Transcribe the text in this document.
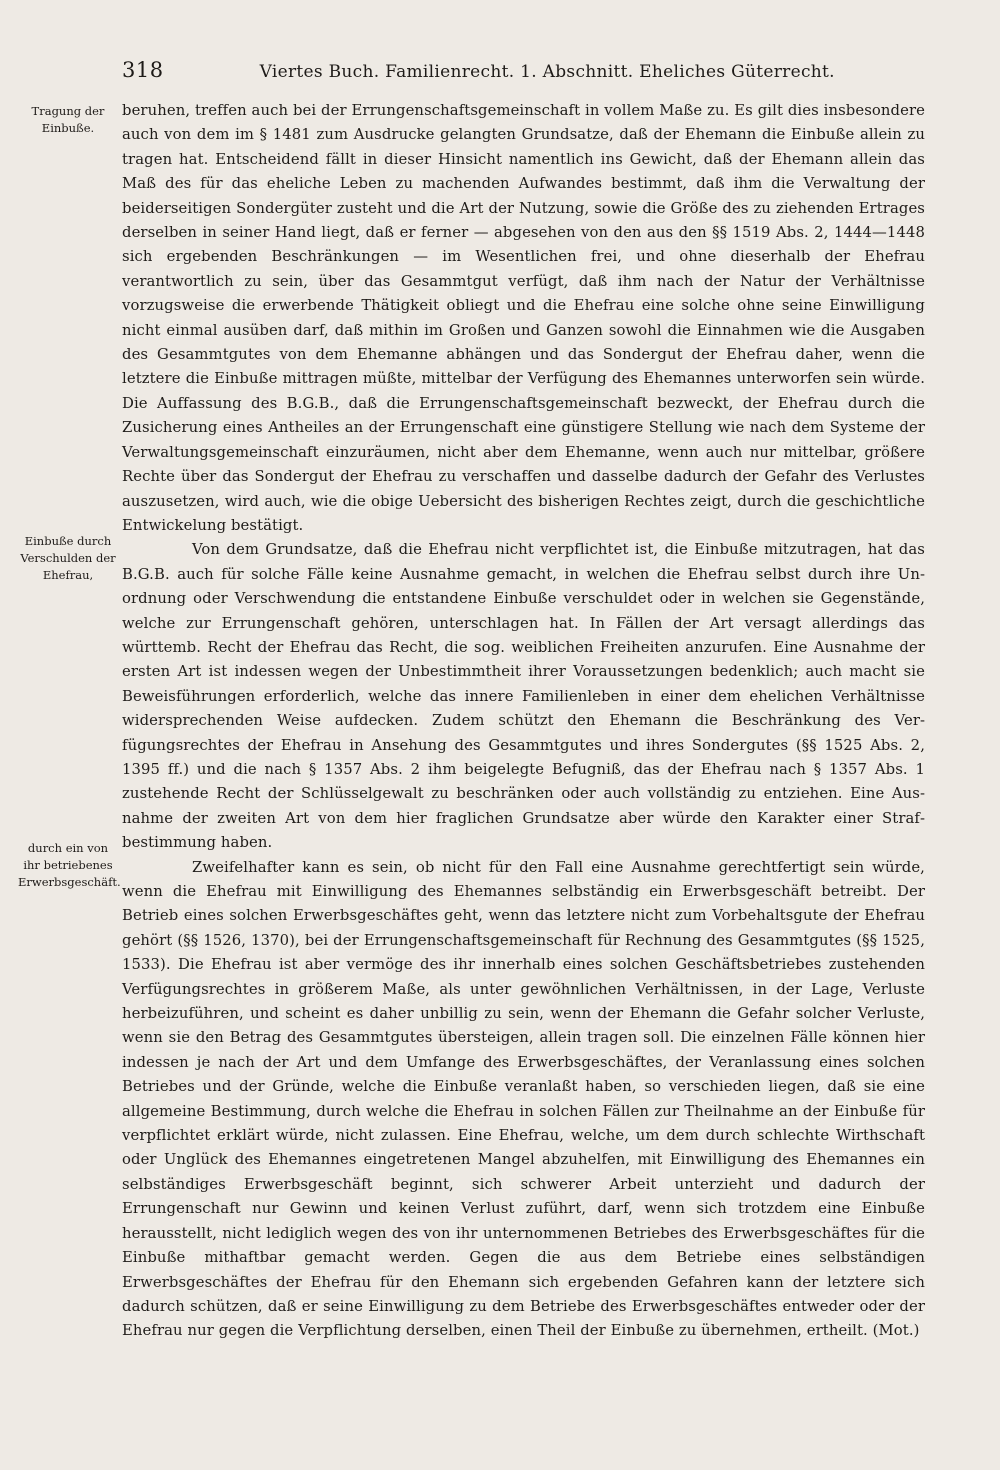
318	Viertes Buch. Familienrecht. 1. Abschnitt. Eheliches Güterrecht.
Tragung der Einbuße.
Einbuße durch Verschulden der Ehefrau,
durch ein von ihr betriebenes Erwerbsgeschäft.

beruhen, treffen auch bei der Errungenschaftsgemeinschaft in vollem Maße zu. Es gilt dies insbesondere auch von dem im § 1481 zum Ausdrucke gelangten Grundsatze, daß der Ehemann die Einbuße allein zu tragen hat. Entscheidend fällt in dieser Hinsicht namentlich ins Gewicht, daß der Ehemann allein das Maß des für das eheliche Leben zu machenden Aufwandes bestimmt, daß ihm die Verwaltung der beiderseitigen Sondergüter zusteht und die Art der Nutzung, sowie die Größe des zu ziehenden Ertrages derselben in seiner Hand liegt, daß er ferner — abgesehen von den aus den §§ 1519 Abs. 2, 1444—1448 sich ergebenden Beschränkungen — im Wesentlichen frei, und ohne dieserhalb der Ehefrau verantwortlich zu sein, über das Gesammtgut verfügt, daß ihm nach der Natur der Verhältnisse vorzugsweise die erwerbende Thätigkeit obliegt und die Ehefrau eine solche ohne seine Einwilligung nicht einmal ausüben darf, daß mithin im Großen und Ganzen sowohl die Einnahmen wie die Ausgaben des Gesammtgutes von dem Ehemanne abhängen und das Sondergut der Ehefrau daher, wenn die letztere die Einbuße mittragen müßte, mittelbar der Verfügung des Ehemannes unterworfen sein würde. Die Auffassung des B.G.B., daß die Errungenschaftsgemeinschaft bezweckt, der Ehefrau durch die Zusicherung eines Antheiles an der Errungenschaft eine günstigere Stellung wie nach dem Systeme der Verwaltungsgemeinschaft einzuräumen, nicht aber dem Ehemanne, wenn auch nur mittelbar, größere Rechte über das Sondergut der Ehefrau zu verschaffen und dasselbe dadurch der Gefahr des Verlustes auszusetzen, wird auch, wie die obige Uebersicht des bisherigen Rechtes zeigt, durch die geschichtliche Entwickelung bestätigt.

Von dem Grundsatze, daß die Ehefrau nicht verpflichtet ist, die Einbuße mitzutragen, hat das B.G.B. auch für solche Fälle keine Ausnahme gemacht, in welchen die Ehefrau selbst durch ihre Unordnung oder Verschwendung die entstandene Einbuße verschuldet oder in welchen sie Gegenstände, welche zur Errungenschaft gehören, unterschlagen hat. In Fällen der Art versagt allerdings das württemb. Recht der Ehefrau das Recht, die sog. weiblichen Freiheiten anzurufen. Eine Ausnahme der ersten Art ist indessen wegen der Unbestimmtheit ihrer Voraussetzungen bedenklich; auch macht sie Beweisführungen erforderlich, welche das innere Familienleben in einer dem ehelichen Verhältnisse widersprechenden Weise aufdecken. Zudem schützt den Ehemann die Beschränkung des Verfügungsrechtes der Ehefrau in Ansehung des Gesammtgutes und ihres Sondergutes (§§ 1525 Abs. 2, 1395 ff.) und die nach § 1357 Abs. 2 ihm beigelegte Befugniß, das der Ehefrau nach § 1357 Abs. 1 zustehende Recht der Schlüsselgewalt zu beschränken oder auch vollständig zu entziehen. Eine Ausnahme der zweiten Art von dem hier fraglichen Grundsatze aber würde den Karakter einer Strafbestimmung haben.

Zweifelhafter kann es sein, ob nicht für den Fall eine Ausnahme gerechtfertigt sein würde, wenn die Ehefrau mit Einwilligung des Ehemannes selbständig ein Erwerbsgeschäft betreibt. Der Betrieb eines solchen Erwerbsgeschäftes geht, wenn das letztere nicht zum Vorbehaltsgute der Ehefrau gehört (§§ 1526, 1370), bei der Errungenschaftsgemeinschaft für Rechnung des Gesammtgutes (§§ 1525, 1533). Die Ehefrau ist aber vermöge des ihr innerhalb eines solchen Geschäftsbetriebes zustehenden Verfügungsrechtes in größerem Maße, als unter gewöhnlichen Verhältnissen, in der Lage, Verluste herbeizuführen, und scheint es daher unbillig zu sein, wenn der Ehemann die Gefahr solcher Verluste, wenn sie den Betrag des Gesammtgutes übersteigen, allein tragen soll. Die einzelnen Fälle können hier indessen je nach der Art und dem Umfange des Erwerbsgeschäftes, der Veranlassung eines solchen Betriebes und der Gründe, welche die Einbuße veranlaßt haben, so verschieden liegen, daß sie eine allgemeine Bestimmung, durch welche die Ehefrau in solchen Fällen zur Theilnahme an der Einbuße für verpflichtet erklärt würde, nicht zulassen. Eine Ehefrau, welche, um dem durch schlechte Wirthschaft oder Unglück des Ehemannes eingetretenen Mangel abzuhelfen, mit Einwilligung des Ehemannes ein selbständiges Erwerbsgeschäft beginnt, sich schwerer Arbeit unterzieht und dadurch der Errungenschaft nur Gewinn und keinen Verlust zuführt, darf, wenn sich trotzdem eine Einbuße herausstellt, nicht lediglich wegen des von ihr unternommenen Betriebes des Erwerbsgeschäftes für die Einbuße mithaftbar gemacht werden. Gegen die aus dem Betriebe eines selbständigen Erwerbsgeschäftes der Ehefrau für den Ehemann sich ergebenden Gefahren kann der letztere sich dadurch schützen, daß er seine Einwilligung zu dem Betriebe des Erwerbsgeschäftes entweder oder der Ehefrau nur gegen die Verpflichtung derselben, einen Theil der Einbuße zu übernehmen, ertheilt. (Mot.)
